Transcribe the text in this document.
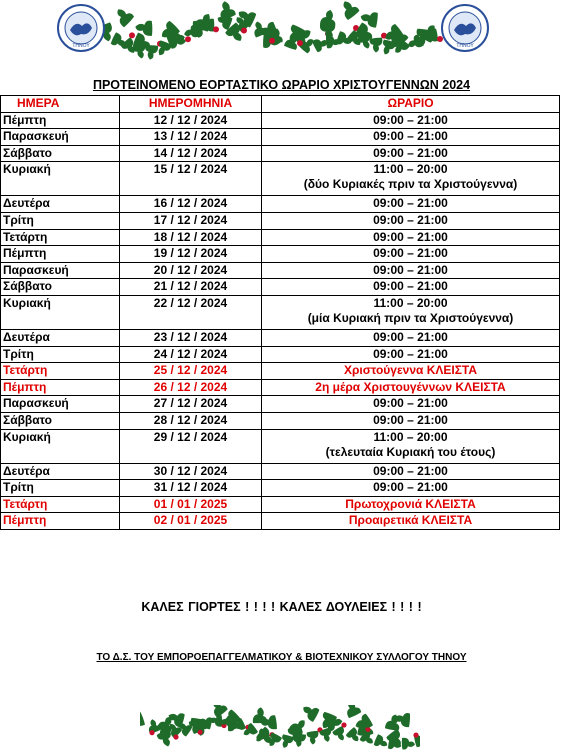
ΤΗΝΟΥ	ΤΗΝΟΥ
ΠΡΟΤΕΙΝΟΜΕΝΟ ΕΟΡΤΑΣΤΙΚΟ ΩΡΑΡΙΟ ΧΡΙΣΤΟΥΓΕΝΝΩΝ 2024
ΗΜΕΡΑ	ΗΜΕΡΟΜΗΝΙΑ	ΩΡΑΡΙΟ
Πέμπτη	12 / 12 / 2024	09:00 – 21:00
Παρασκευή	13 / 12 / 2024	09:00 – 21:00
Σάββατο	14 / 12 / 2024	09:00 – 21:00
Κυριακή	15 / 12 / 2024	11:00 – 20:00
(δύο Κυριακές πριν τα Χριστούγεννα)

Δευτέρα	16 / 12 / 2024	09:00 – 21:00
Τρίτη	17 / 12 / 2024	09:00 – 21:00
Τετάρτη	18 / 12 / 2024	09:00 – 21:00
Πέμπτη	19 / 12 / 2024	09:00 – 21:00
Παρασκευή	20 / 12 / 2024	09:00 – 21:00
Σάββατο	21 / 12 / 2024	09:00 – 21:00
Κυριακή	22 / 12 / 2024	11:00 – 20:00
(μία Κυριακή πριν τα Χριστούγεννα)

Δευτέρα	23 / 12 / 2024	09:00 – 21:00
Τρίτη	24 / 12 / 2024	09:00 – 21:00
Τετάρτη	25 / 12 / 2024	Χριστούγεννα ΚΛΕΙΣΤΑ
Πέμπτη	26 / 12 / 2024	2η μέρα Χριστουγέννων ΚΛΕΙΣΤΑ
Παρασκευή	27 / 12 / 2024	09:00 – 21:00
Σάββατο	28 / 12 / 2024	09:00 – 21:00
Κυριακή	29 / 12 / 2024	11:00 – 20:00
(τελευταία Κυριακή του έτους)

Δευτέρα	30 / 12 / 2024	09:00 – 21:00
Τρίτη	31 / 12 / 2024	09:00 – 21:00
Τετάρτη	01 / 01 / 2025	Πρωτοχρονιά ΚΛΕΙΣΤΑ
Πέμπτη	02 / 01 / 2025	Προαιρετικά ΚΛΕΙΣΤΑ
ΚΑΛΕΣ ΓΙΟΡΤΕΣ ! ! ! ! ΚΑΛΕΣ ΔΟΥΛΕΙΕΣ ! ! ! !
ΤΟ Δ.Σ. ΤΟΥ ΕΜΠΟΡΟΕΠΑΓΓΕΛΜΑΤΙΚΟΥ & ΒΙΟΤΕΧΝΙΚΟΥ ΣΥΛΛΟΓΟΥ ΤΗΝΟΥ
